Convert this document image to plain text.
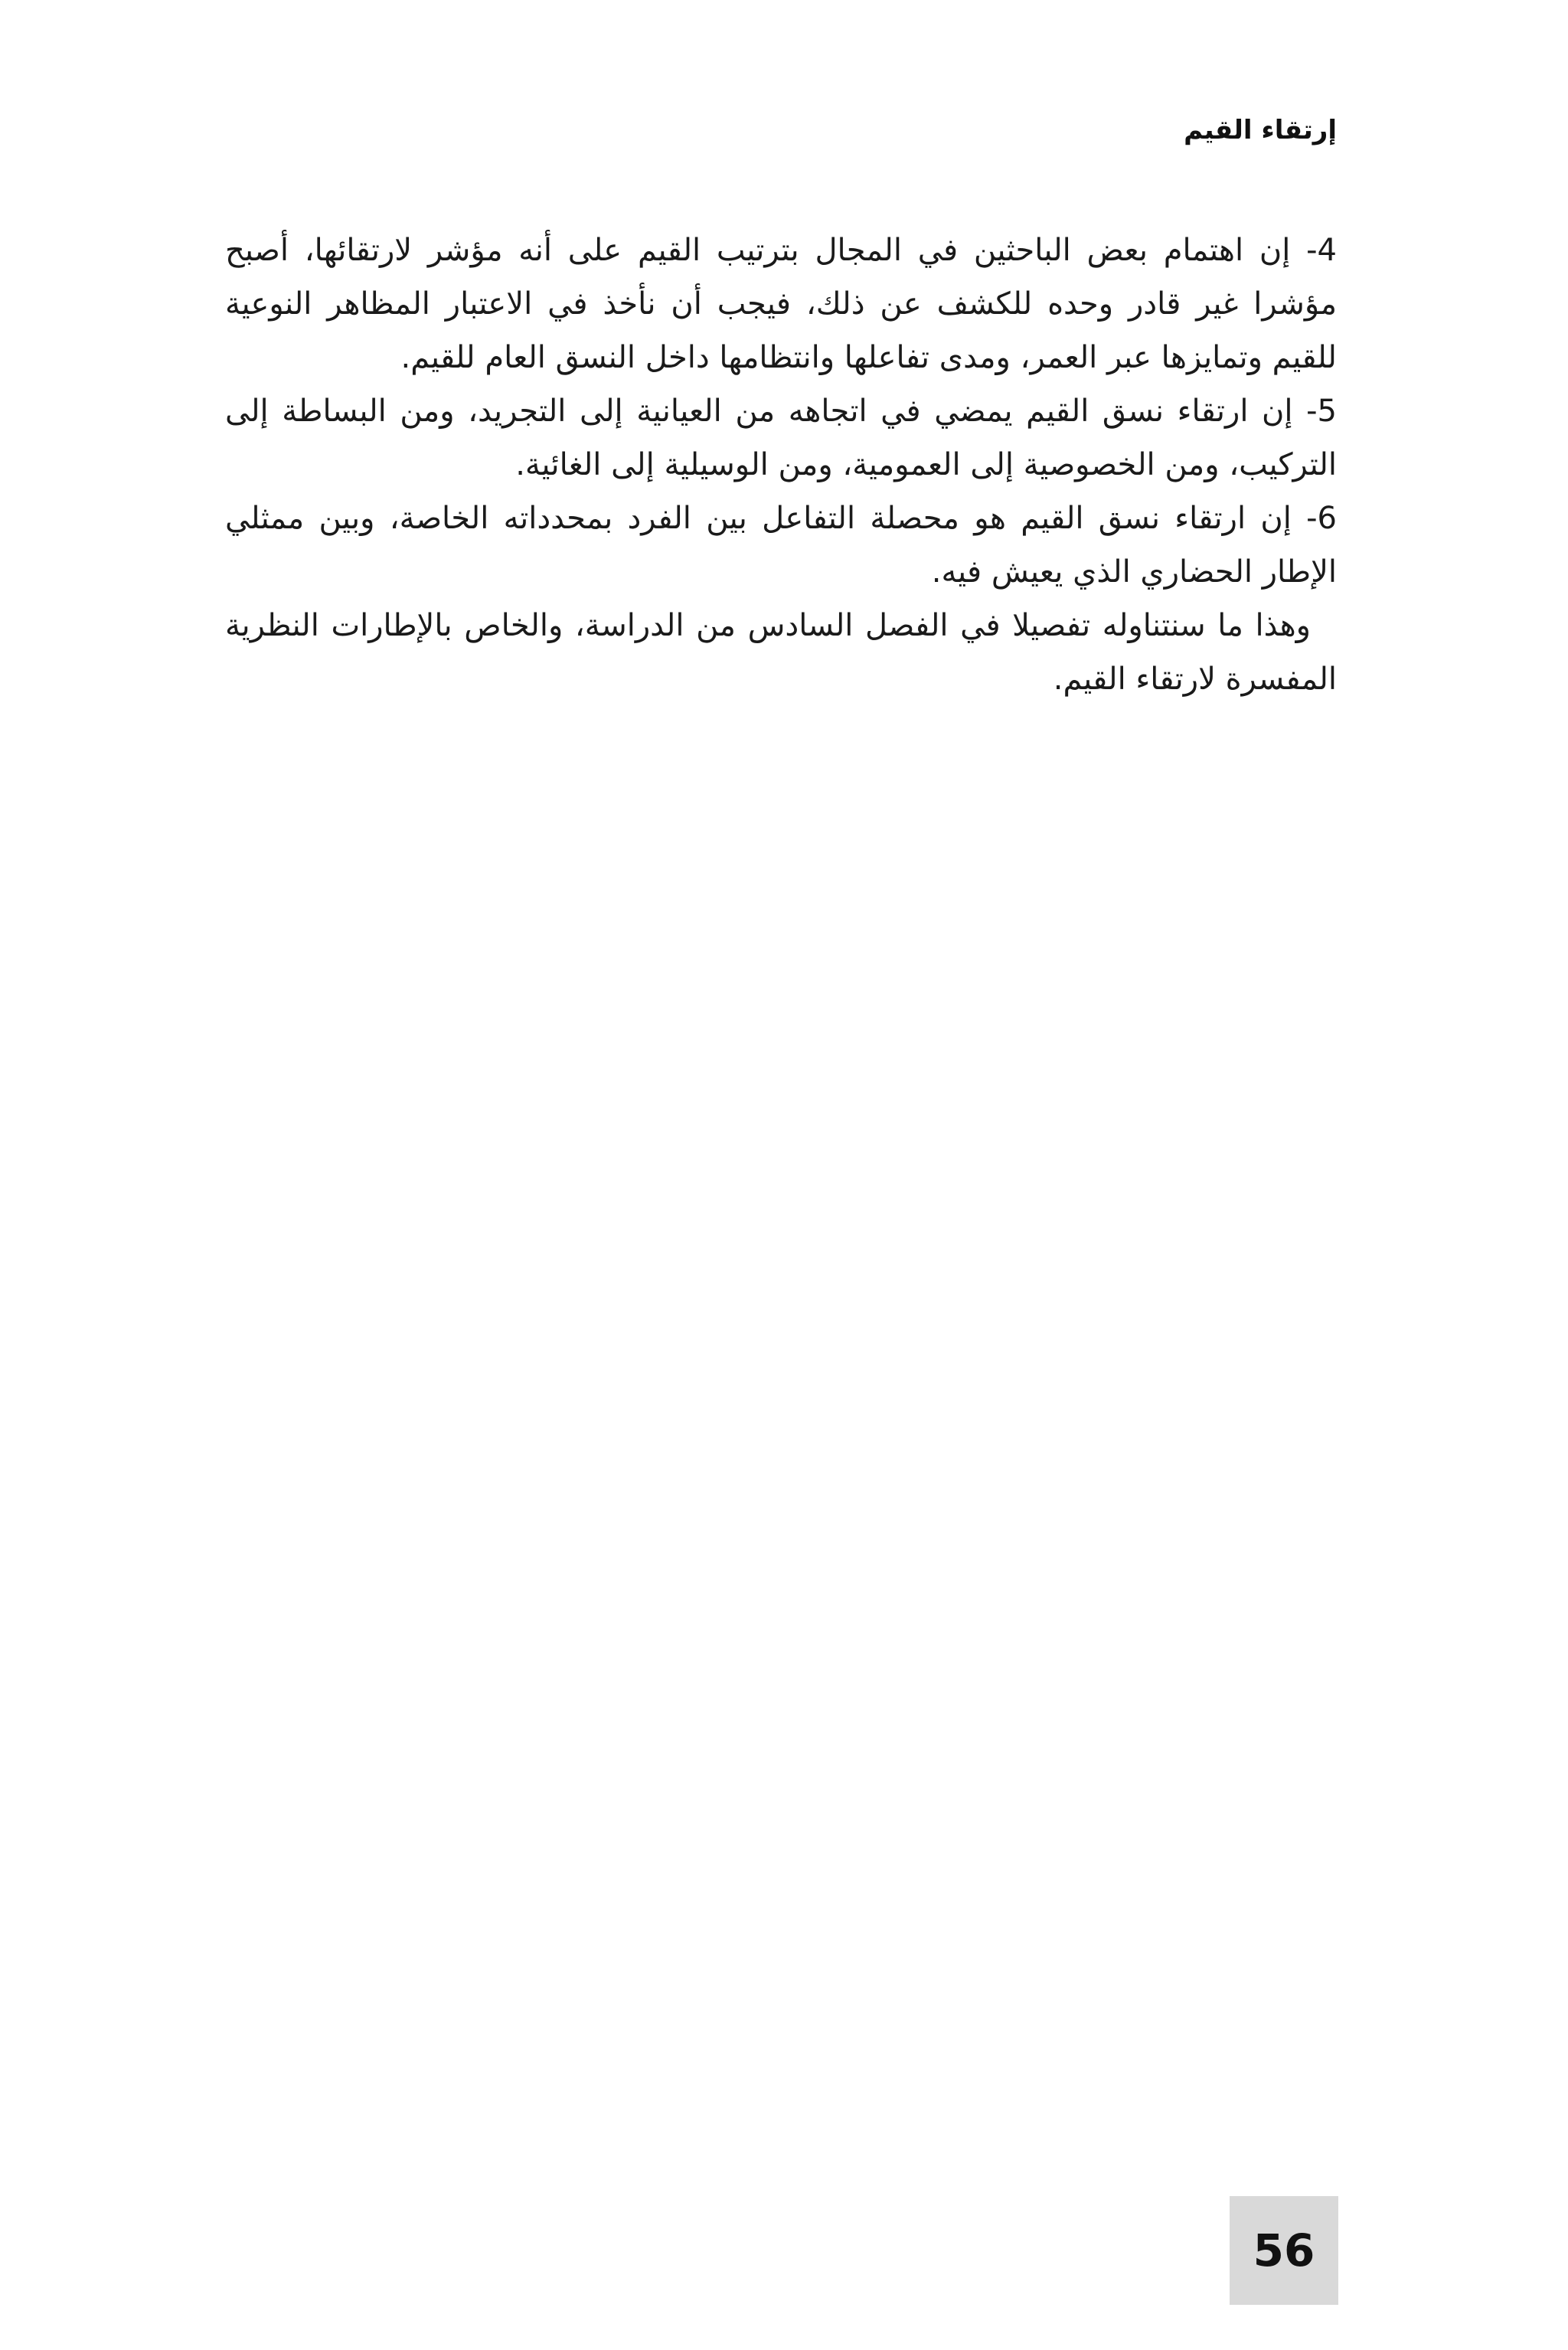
إرتقاء القيم

4- إن اهتمام بعض الباحثين في المجال بترتيب القيم على أنه مؤشر لارتقائها، أصبح مؤشرا غير قادر وحده للكشف عن ذلك، فيجب أن نأخذ في الاعتبار المظاهر النوعية للقيم وتمايزها عبر العمر، ومدى تفاعلها وانتظامها داخل النسق العام للقيم.

5- إن ارتقاء نسق القيم يمضي في اتجاهه من العيانية إلى التجريد، ومن البساطة إلى التركيب، ومن الخصوصية إلى العمومية، ومن الوسيلية إلى الغائية.

6- إن ارتقاء نسق القيم هو محصلة التفاعل بين الفرد بمحدداته الخاصة، وبين ممثلي الإطار الحضاري الذي يعيش فيه.

وهذا ما سنتناوله تفصيلا في الفصل السادس من الدراسة، والخاص بالإطارات النظرية المفسرة لارتقاء القيم.

56
